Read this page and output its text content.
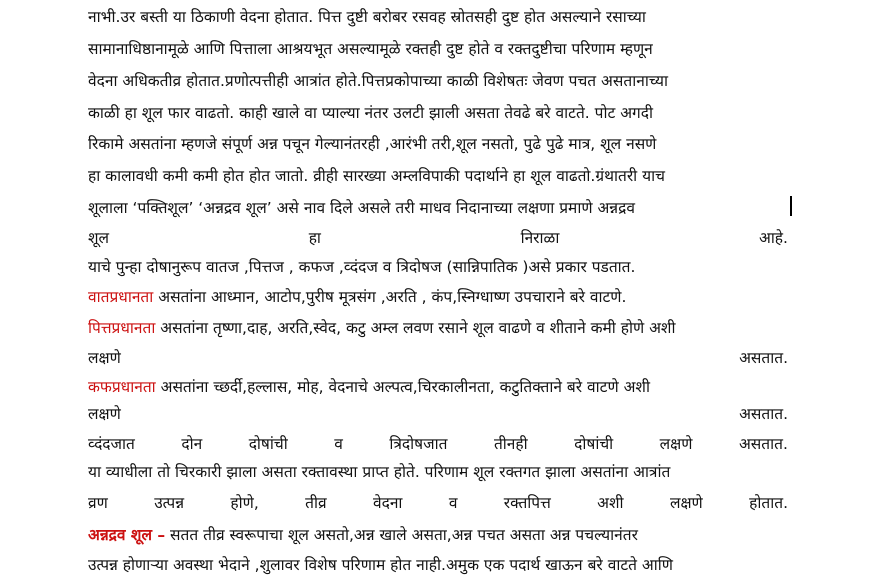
नाभी.उर बस्ती या ठिकाणी वेदना होतात. पित्त दुष्टी बरोबर रसवह स्रोतसही दुष्ट होत असल्याने रसाच्या
सामानाधिष्ठानामूळे आणि पित्ताला आश्रयभूत असल्यामूळे रक्तही दुष्ट होते व रक्तदुष्टीचा परिणाम म्हणून
वेदना अधिकतीव्र होतात.प्रणोत्पत्तीही आत्रांत होते.पित्तप्रकोपाच्या काळी विशेषतः जेवण पचत असतानाच्या
काळी हा शूल फार वाढतो. काही खाले वा प्याल्या नंतर उलटी झाली असता तेवढे बरे वाटते. पोट अगदी
रिकामे असतांना म्हणजे संपूर्ण अन्न पचून गेल्यानंतरही ,आरंभी तरी,शूल नसतो, पुढे पुढे मात्र, शूल नसणे
हा कालावधी कमी कमी होत होत जातो. व्रीही सारख्या अम्लविपाकी पदार्थाने हा शूल वाढतो.ग्रंथातरी याच
शूलाला ‘पक्तिशूल’ ‘अन्नद्रव शूल’ असे नाव दिले असले तरी माधव निदानाच्या लक्षणा प्रमाणे अन्नद्रव
शूल	हा	निराळा	आहे.
याचे पुन्हा दोषानुरूप वातज ,पित्तज , कफज ,व्दंदज व त्रिदोषज (सान्निपातिक )असे प्रकार पडतात.
वातप्रधानता असतांना आध्मान, आटोप,पुरीष मूत्रसंग ,अरति , कंप,स्निग्धाष्ण उपचाराने बरे वाटणे.
पित्तप्रधानता असतांना तृष्णा,दाह, अरति,स्वेद, कटु अम्ल लवण रसाने शूल वाढणे व शीताने कमी होणे अशी
लक्षणे	असतात.
कफप्रधानता असतांना च्छर्दी,हल्लास, मोह, वेदनाचे अल्पत्व,चिरकालीनता, कटुतिक्ताने बरे वाटणे अशी
लक्षणे	असतात.
व्दंदजात	दोन	दोषांची	व	त्रिदोषजात	तीनही	दोषांची	लक्षणे	असतात.
या व्याधीला तो चिरकारी झाला असता रक्तावस्था प्राप्त होते. परिणाम शूल रक्तगत झाला असतांना आत्रांत
व्रण	उत्पन्न	होणे,	तीव्र	वेदना	व	रक्तपित्त	अशी	लक्षणे	होतात.
अन्नद्रव शूल – सतत तीव्र स्वरूपाचा शूल असतो,अन्न खाले असता,अन्न पचत असता अन्न पचल्यानंतर
उत्पन्न होणाऱ्या अवस्था भेदाने ,शुलावर विशेष परिणाम होत नाही.अमुक एक पदार्थ खाऊन बरे वाटते आणि
